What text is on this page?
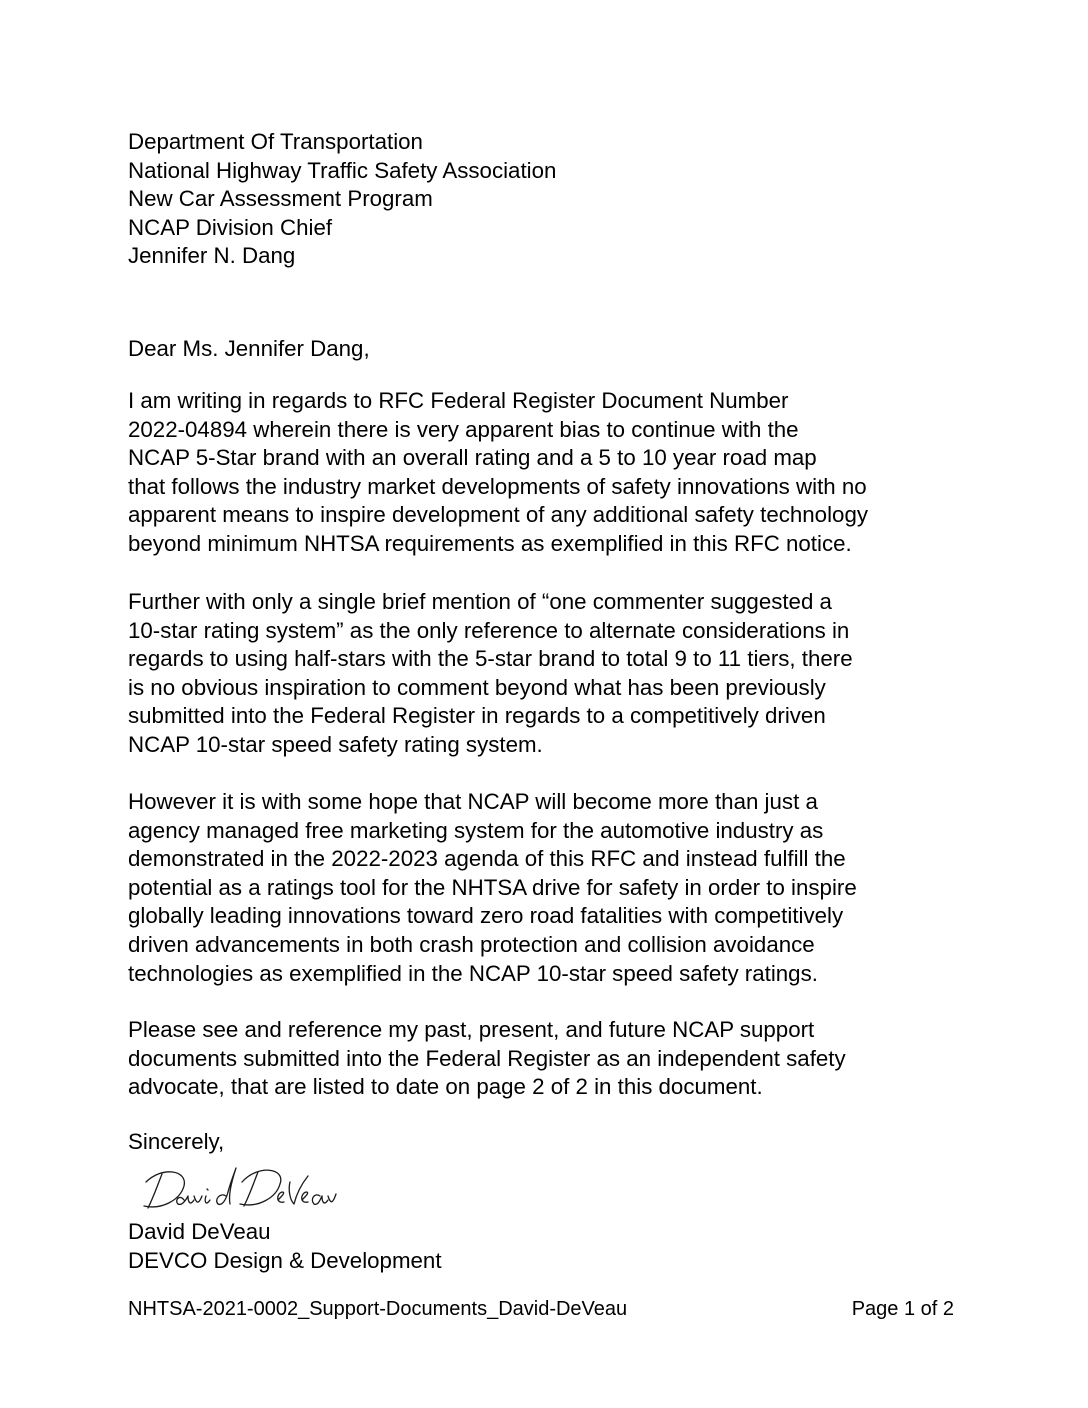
Department Of Transportation
National Highway Traffic Safety Association
New Car Assessment Program
NCAP Division Chief
Jennifer N. Dang
Dear Ms. Jennifer Dang,
I am writing in regards to RFC Federal Register Document Number
2022-04894 wherein there is very apparent bias to continue with the
NCAP 5-Star brand with an overall rating and a 5 to 10 year road map
that follows the industry market developments of safety innovations with no
apparent means to inspire development of any additional safety technology
beyond minimum NHTSA requirements as exemplified in this RFC notice.
Further with only a single brief mention of “one commenter suggested a
10-star rating system” as the only reference to alternate considerations in
regards to using half-stars with the 5-star brand to total 9 to 11 tiers, there
is no obvious inspiration to comment beyond what has been previously
submitted into the Federal Register in regards to a competitively driven
NCAP 10-star speed safety rating system.
However it is with some hope that NCAP will become more than just a
agency managed free marketing system for the automotive industry as
demonstrated in the 2022-2023 agenda of this RFC and instead fulfill the
potential as a ratings tool for the NHTSA drive for safety in order to inspire
globally leading innovations toward zero road fatalities with competitively
driven advancements in both crash protection and collision avoidance
technologies as exemplified in the NCAP 10-star speed safety ratings.
Please see and reference my past, present, and future NCAP support
documents submitted into the Federal Register as an independent safety
advocate, that are listed to date on page 2 of 2 in this document.
Sincerely,
David DeVeau
DEVCO Design & Development
NHTSA-2021-0002_Support-Documents_David-DeVeau	Page 1 of 2
